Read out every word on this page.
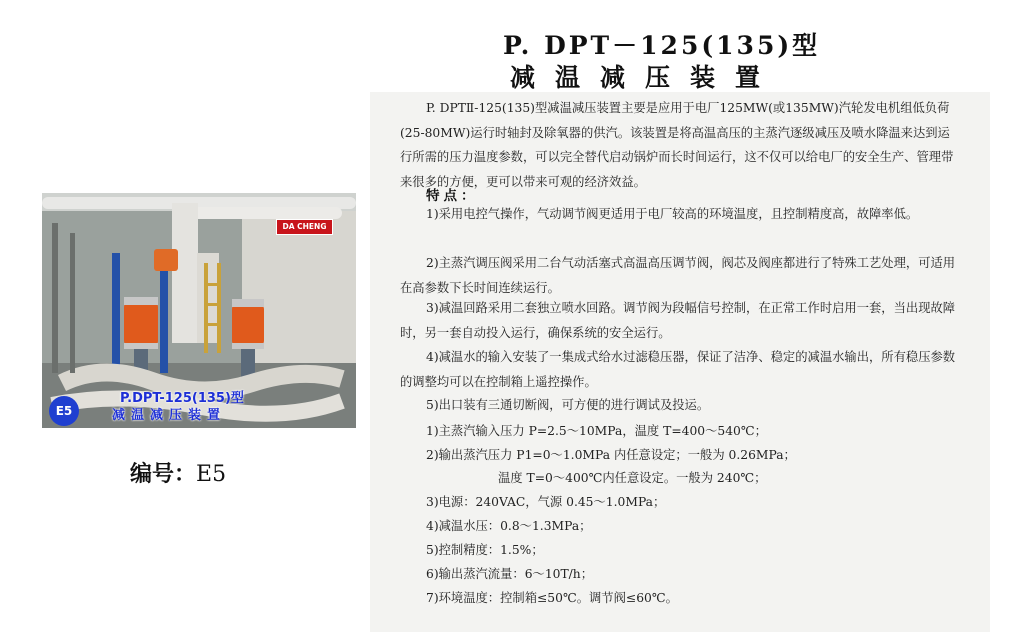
P. DPT－125(135)型
减温减压装置

P. DPTⅡ-125(135)型减温减压装置主要是应用于电厂125MW(或135MW)汽轮发电机组低负荷(25-80MW)运行时轴封及除氧器的供汽。该装置是将高温高压的主蒸汽逐级减压及喷水降温来达到运行所需的压力温度参数，可以完全替代启动锅炉而长时间运行，这不仅可以给电厂的安全生产、管理带来很多的方便，更可以带来可观的经济效益。

特点：

1)采用电控气操作，气动调节阀更适用于电厂较高的环境温度，且控制精度高，故障率低。

2)主蒸汽调压阀采用二台气动活塞式高温高压调节阀，阀芯及阀座都进行了特殊工艺处理，可适用在高参数下长时间连续运行。

3)减温回路采用二套独立喷水回路。调节阀为段幅信号控制，在正常工作时启用一套，当出现故障时，另一套自动投入运行，确保系统的安全运行。

4)减温水的输入安装了一集成式给水过滤稳压器，保证了洁净、稳定的减温水输出，所有稳压参数的调整均可以在控制箱上遥控操作。

5)出口装有三通切断阀，可方便的进行调试及投运。

1)主蒸汽输入压力 P=2.5～10MPa，温度 T=400～540℃；
2)输出蒸汽压力 P1=0～1.0MPa 内任意设定；一般为 0.26MPa；
温度 T=0～400℃内任意设定。一般为 240℃；
3)电源：240VAC，气源 0.45～1.0MPa；
4)减温水压：0.8～1.3MPa；
5)控制精度：1.5%；
6)输出蒸汽流量：6～10T/h；
7)环境温度：控制箱≤50℃。调节阀≤60℃。
DA CHENG
E5
P.DPT-125(135)型
减温减压装置
编号：E5
